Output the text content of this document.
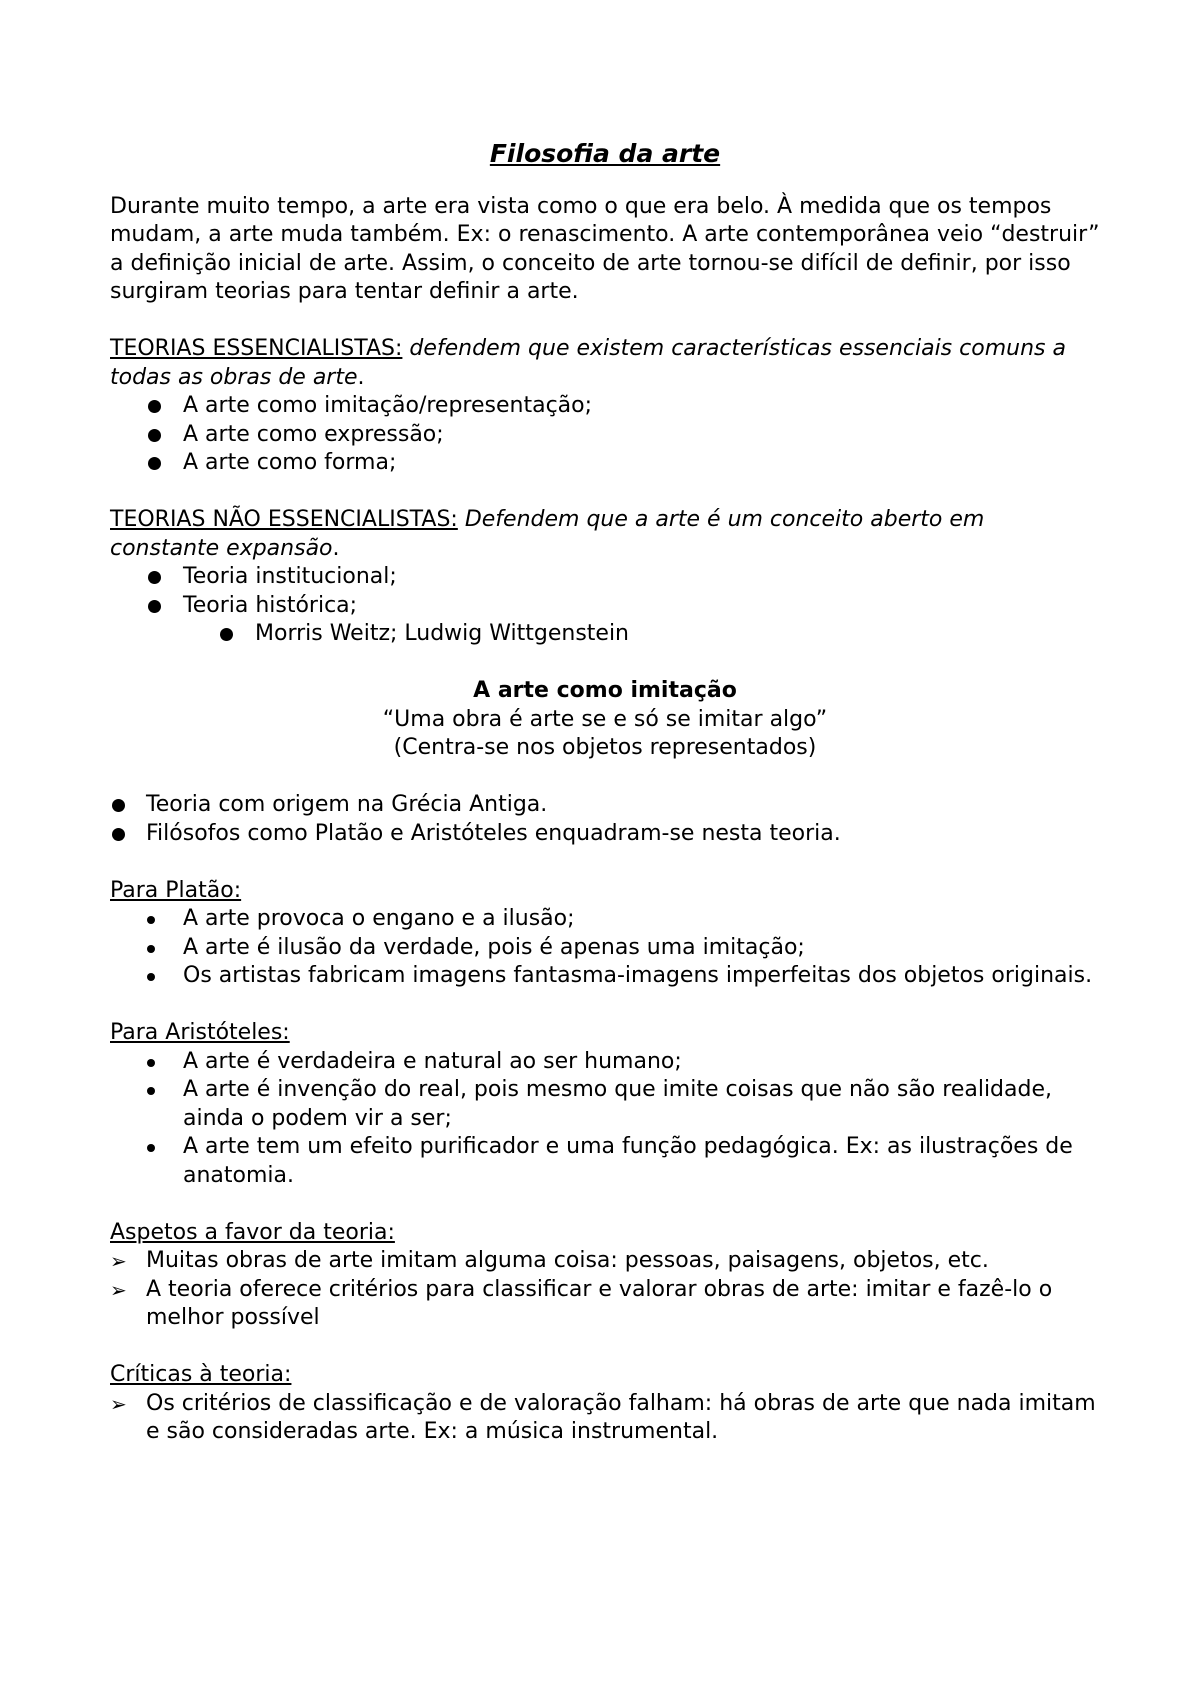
Filosofia da arte

Durante muito tempo, a arte era vista como o que era belo. À medida que os tempos mudam, a arte muda também. Ex: o renascimento. A arte contemporânea veio “destruir” a definição inicial de arte. Assim, o conceito de arte tornou-se difícil de definir, por isso surgiram teorias para tentar definir a arte.

TEORIAS ESSENCIALISTAS: defendem que existem características essenciais comuns a todas as obras de arte.

A arte como imitação/representação;
A arte como expressão;
A arte como forma;

TEORIAS NÃO ESSENCIALISTAS: Defendem que a arte é um conceito aberto em constante expansão.

Teoria institucional;
Teoria histórica;
Morris Weitz; Ludwig Wittgenstein

A arte como imitação

“Uma obra é arte se e só se imitar algo”

(Centra-se nos objetos representados)

Teoria com origem na Grécia Antiga.
Filósofos como Platão e Aristóteles enquadram-se nesta teoria.

Para Platão:

A arte provoca o engano e a ilusão;
A arte é ilusão da verdade, pois é apenas uma imitação;
Os artistas fabricam imagens fantasma-imagens imperfeitas dos objetos originais.

Para Aristóteles:

A arte é verdadeira e natural ao ser humano;
A arte é invenção do real, pois mesmo que imite coisas que não são realidade, ainda o podem vir a ser;
A arte tem um efeito purificador e uma função pedagógica. Ex: as ilustrações de anatomia.

Aspetos a favor da teoria:

➢ Muitas obras de arte imitam alguma coisa: pessoas, paisagens, objetos, etc.
➢ A teoria oferece critérios para classificar e valorar obras de arte: imitar e fazê-lo o melhor possível

Críticas à teoria:

➢ Os critérios de classificação e de valoração falham: há obras de arte que nada imitam e são consideradas arte. Ex: a música instrumental.
